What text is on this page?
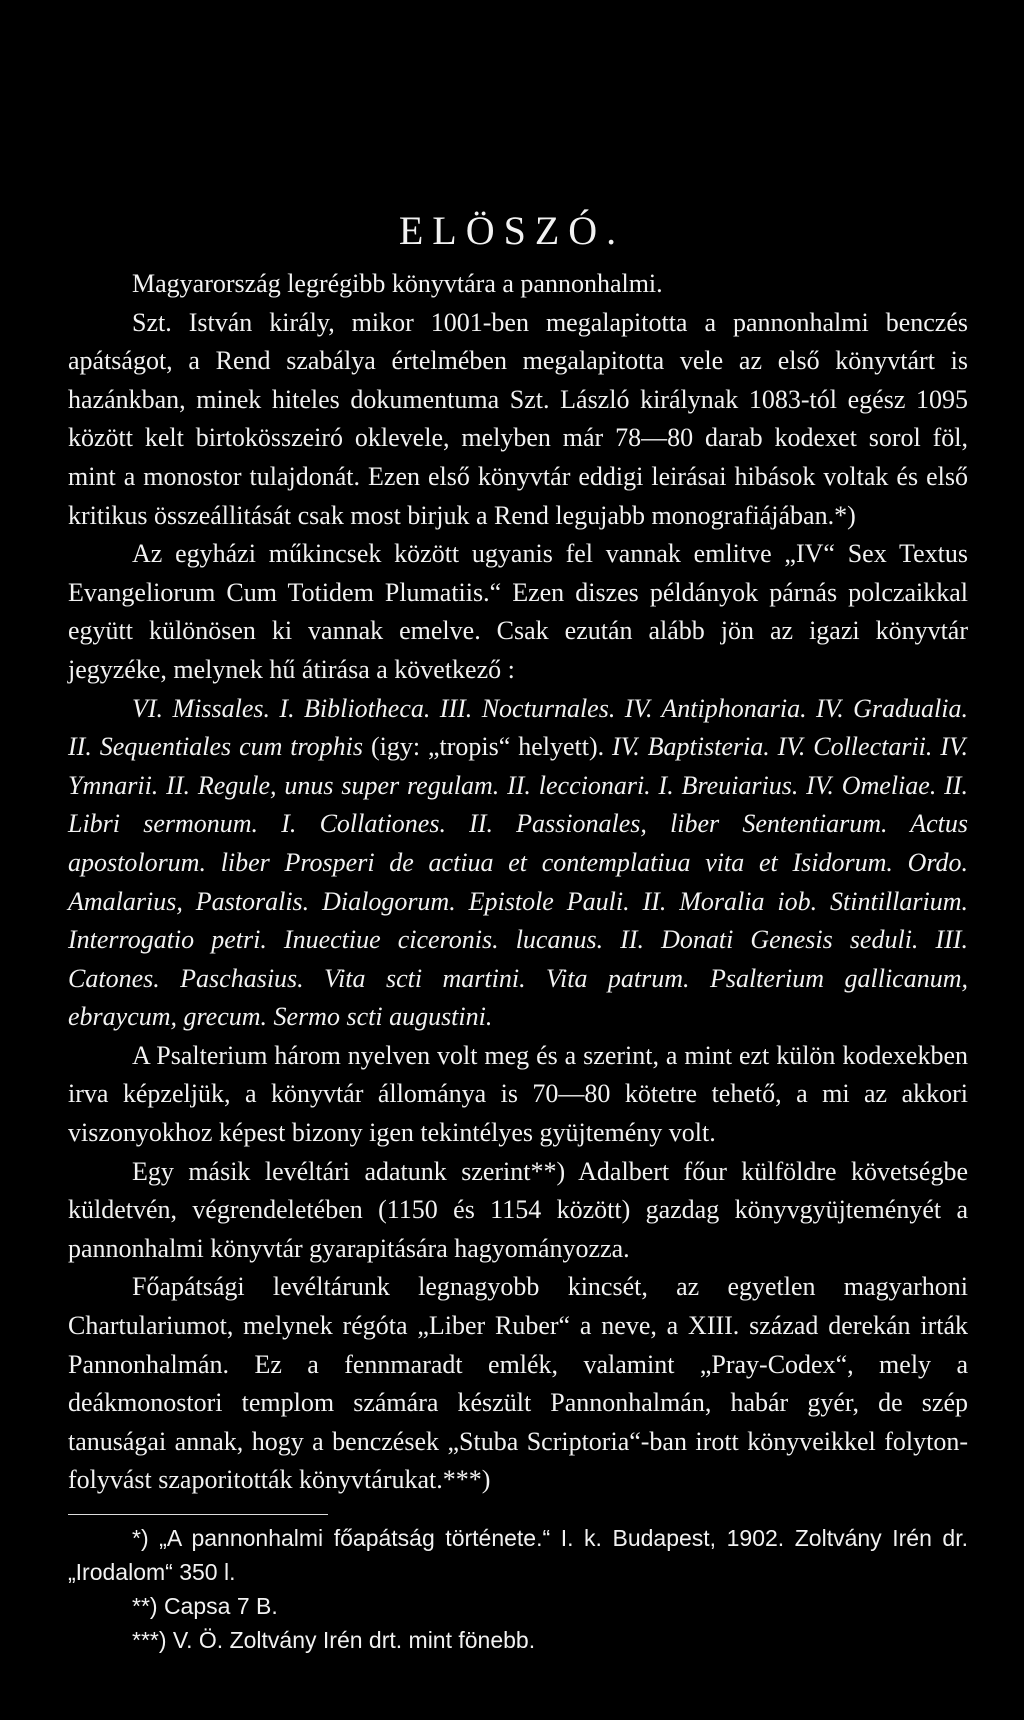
ELÖSZÓ.

Magyarország legrégibb könyvtára a pannonhalmi.

Szt. István király, mikor 1001-ben megalapitotta a pannonhalmi benczés apátságot, a Rend szabálya értelmében megalapitotta vele az első könyvtárt is hazánkban, minek hiteles dokumentuma Szt. László királynak 1083-tól egész 1095 között kelt birtokösszeiró oklevele, melyben már 78—80 darab kodexet sorol föl, mint a monostor tulajdonát. Ezen első könyvtár eddigi leirásai hibások voltak és első kritikus összeállitását csak most birjuk a Rend legujabb monografiájában.*)

Az egyházi műkincsek között ugyanis fel vannak emlitve „IV“ Sex Textus Evangeliorum Cum Totidem Plumatiis.“ Ezen diszes példányok párnás polczaikkal együtt különösen ki vannak emelve. Csak ezután alább jön az igazi könyvtár jegyzéke, melynek hű átirása a következő :

VI. Missales. I. Bibliotheca. III. Nocturnales. IV. Antiphonaria. IV. Gradualia. II. Sequentiales cum trophis (igy: „tropis“ helyett). IV. Baptisteria. IV. Collectarii. IV. Ymnarii. II. Regule, unus super regulam. II. leccionari. I. Breuiarius. IV. Omeliae. II. Libri sermonum. I. Collationes. II. Passionales, liber Sententiarum. Actus apostolorum. liber Prosperi de actiua et contemplatiua vita et Isidorum. Ordo. Amalarius, Pastoralis. Dialogorum. Epistole Pauli. II. Moralia iob. Stintillarium. Interrogatio petri. Inuectiue ciceronis. lucanus. II. Donati Genesis seduli. III. Catones. Paschasius. Vita scti martini. Vita patrum. Psalterium gallicanum, ebraycum, grecum. Sermo scti augustini.

A Psalterium három nyelven volt meg és a szerint, a mint ezt külön kodexekben irva képzeljük, a könyvtár állománya is 70—80 kötetre tehető, a mi az akkori viszonyokhoz képest bizony igen tekintélyes gyüjtemény volt.

Egy másik levéltári adatunk szerint**) Adalbert főur külföldre követségbe küldetvén, végrendeletében (1150 és 1154 között) gazdag könyvgyüjteményét a pannonhalmi könyvtár gyarapitására hagyományozza.

Főapátsági levéltárunk legnagyobb kincsét, az egyetlen magyarhoni Chartulariumot, melynek régóta „Liber Ruber“ a neve, a XIII. század derekán irták Pannonhalmán. Ez a fennmaradt emlék, valamint „Pray-Codex“, mely a deákmonostori templom számára készült Pannonhalmán, habár gyér, de szép tanuságai annak, hogy a benczések „Stuba Scriptoria“-ban irott könyveikkel folyton-folyvást szaporitották könyvtárukat.***)

*) „A pannonhalmi főapátság története.“ I. k. Budapest, 1902. Zoltvány Irén dr. „Irodalom“ 350 l.

**) Capsa 7 B.

***) V. Ö. Zoltvány Irén drt. mint fönebb.
